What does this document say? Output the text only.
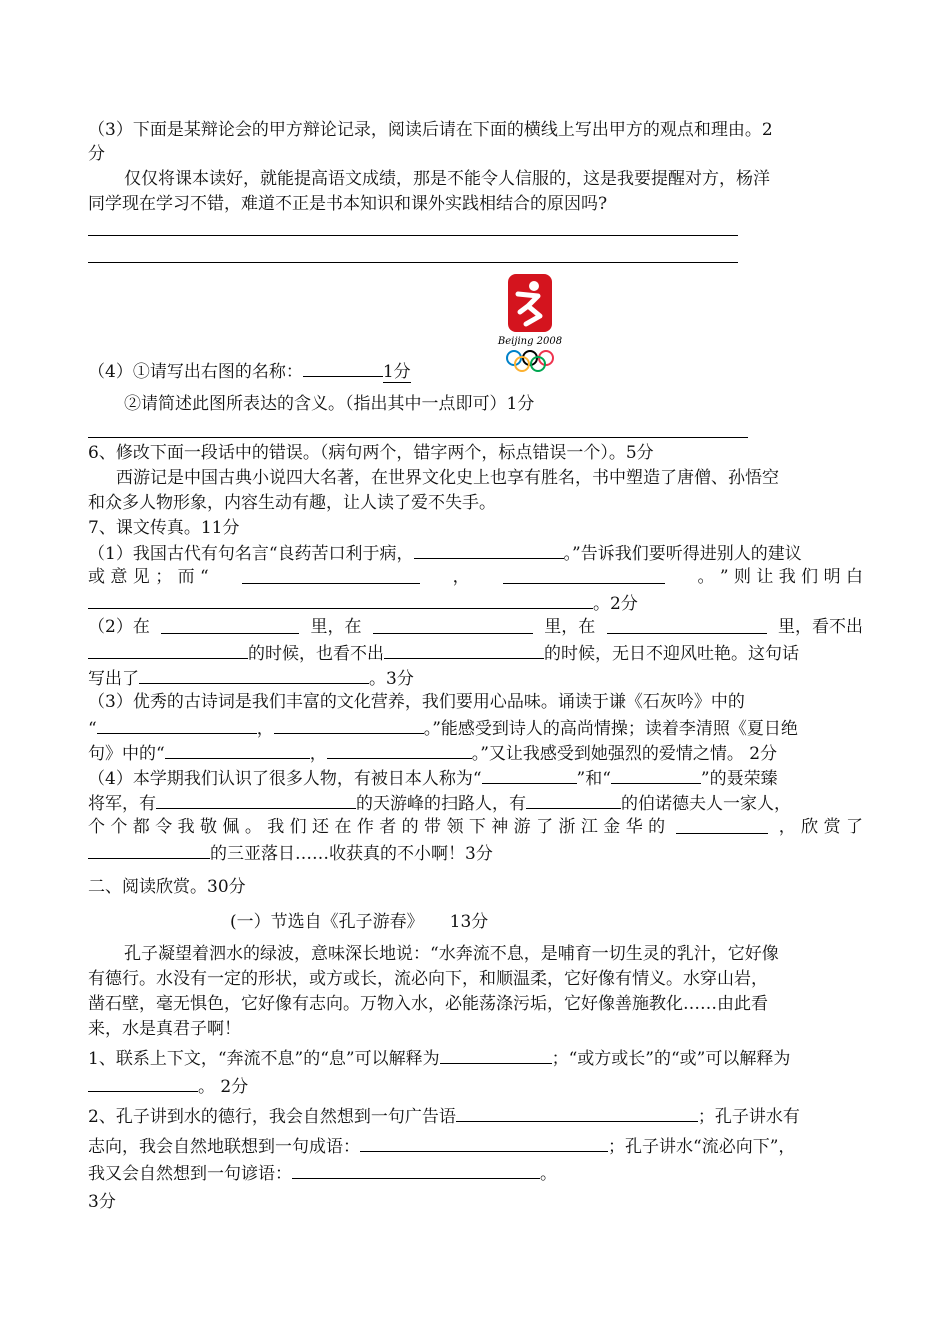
（3）下面是某辩论会的甲方辩论记录，阅读后请在下面的横线上写出甲方的观点和理由。2
分
仅仅将课本读好，就能提高语文成绩，那是不能令人信服的，这是我要提醒对方，杨洋
同学现在学习不错，难道不正是书本知识和课外实践相结合的原因吗?
Beijing 2008
（4）①请写出右图的名称：	1分
②请简述此图所表达的含义。（指出其中一点即可）1分
6、修改下面一段话中的错误。（病句两个，错字两个，标点错误一个）。5分
西游记是中国古典小说四大名著，在世界文化史上也享有胜名，书中塑造了唐僧、孙悟空
和众多人物形象，内容生动有趣，让人读了爱不失手。
7、课文传真。11分
（1）我国古代有句名言“良药苦口利于病，	。”告诉我们要听得进别人的建议
或 意 见 ； 而 “	，	。 ” 则 让 我 们 明 白
。2分
（2）在	里，在	里，在	里，看不出
的时候，也看不出	的时候，无日不迎风吐艳。这句话
写出了	。3分
（3）优秀的古诗词是我们丰富的文化营养，我们要用心品味。诵读于谦《石灰吟》中的
“	，	。”能感受到诗人的高尚情操；读着李清照《夏日绝
句》中的“	，	。”又让我感受到她强烈的爱情之情。 2分
（4）本学期我们认识了很多人物，有被日本人称为“	”和“	”的聂荣臻
将军，有	的天游峰的扫路人，有	的伯诺德夫人一家人，
个 个 都 令 我 敬 佩 。 我 们 还 在 作 者 的 带 领 下 神 游 了 浙 江 金 华 的	， 欣 赏 了
的三亚落日……收获真的不小啊！3分
二、阅读欣赏。30分
(一）节选自《孔子游春》 13分
孔子凝望着泗水的绿波，意味深长地说：“水奔流不息，是哺育一切生灵的乳汁，它好像
有德行。水没有一定的形状，或方或长，流必向下，和顺温柔，它好像有情义。水穿山岩，
凿石壁，毫无惧色，它好像有志向。万物入水，必能荡涤污垢，它好像善施教化……由此看
来，水是真君子啊！
1、联系上下文，“奔流不息”的“息”可以解释为	；“或方或长”的“或”可以解释为
。 2分
2、孔子讲到水的德行，我会自然想到一句广告语	；孔子讲水有
志向，我会自然地联想到一句成语：	；孔子讲水“流必向下”，
我又会自然想到一句谚语：	。
3分
